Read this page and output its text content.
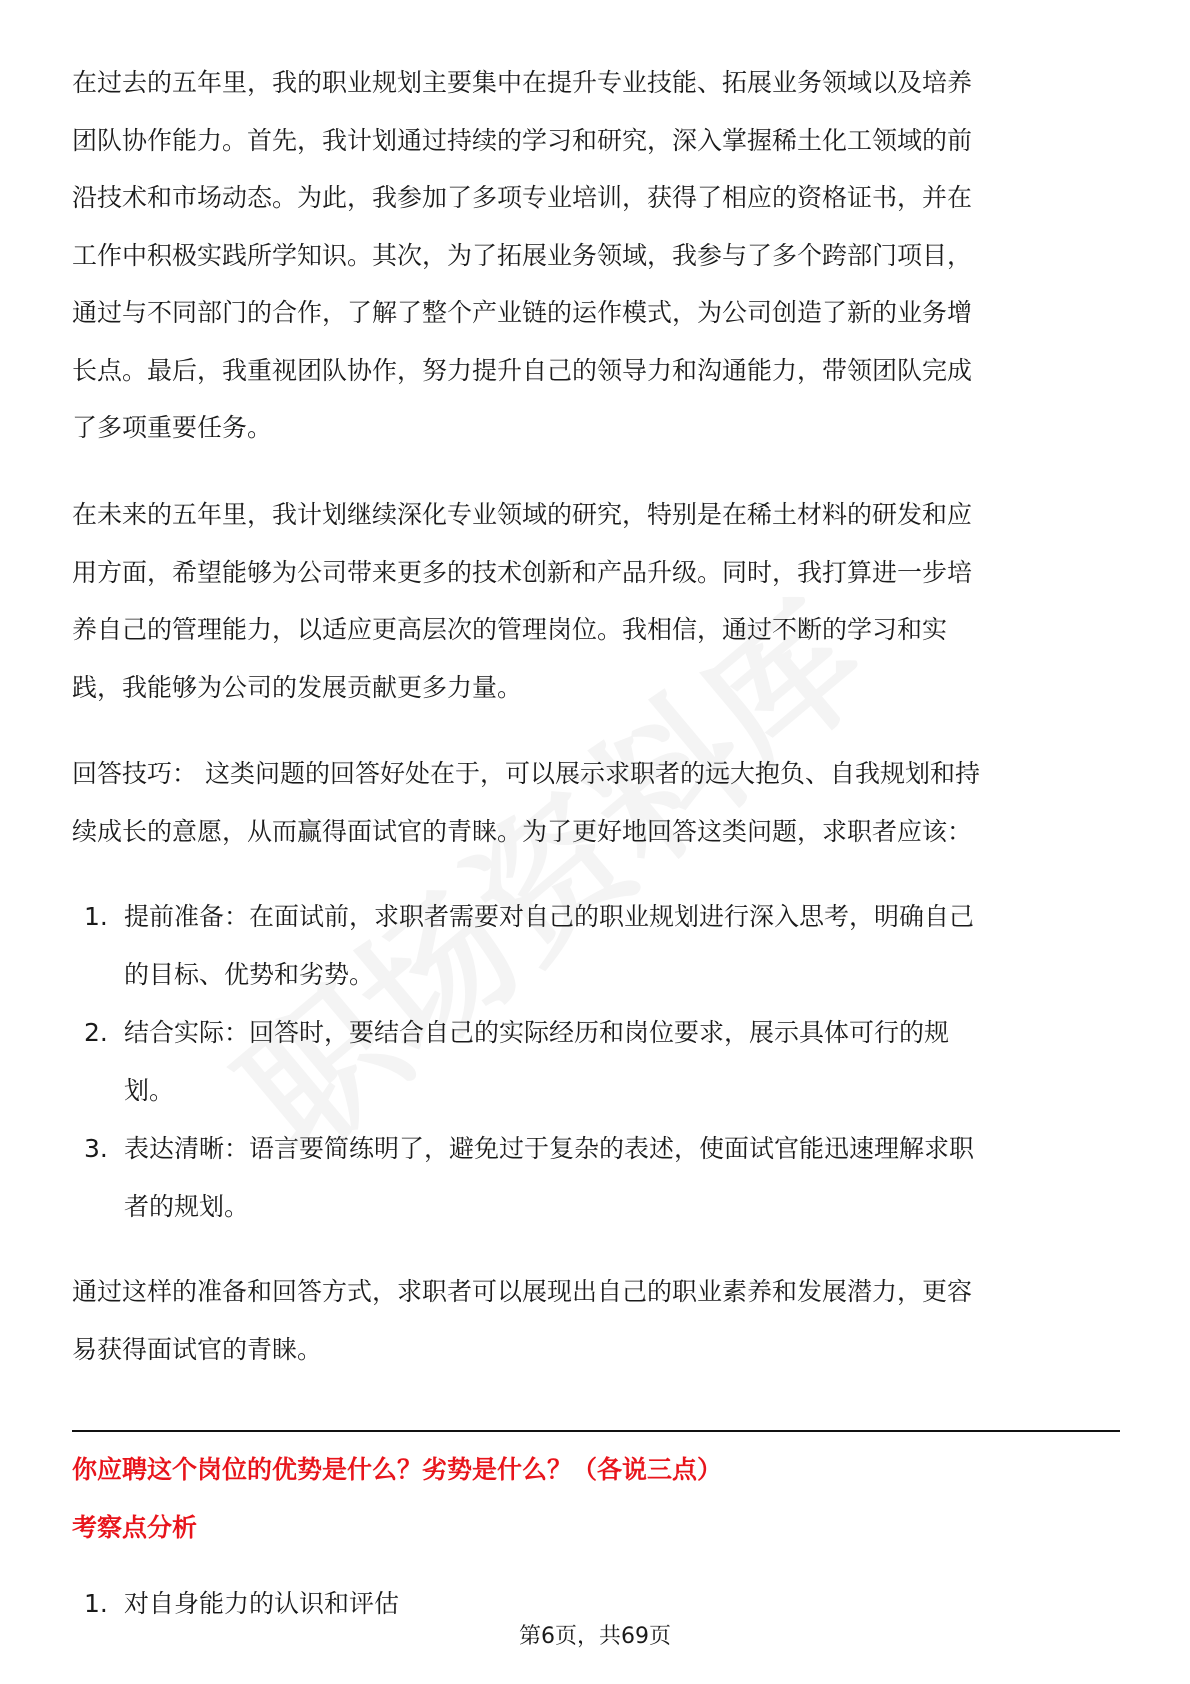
在过去的五年里，我的职业规划主要集中在提升专业技能、拓展业务领域以及培养
团队协作能力。首先，我计划通过持续的学习和研究，深入掌握稀土化工领域的前
沿技术和市场动态。为此，我参加了多项专业培训，获得了相应的资格证书，并在
工作中积极实践所学知识。其次，为了拓展业务领域，我参与了多个跨部门项目，
通过与不同部门的合作，了解了整个产业链的运作模式，为公司创造了新的业务增
长点。最后，我重视团队协作，努力提升自己的领导力和沟通能力，带领团队完成
了多项重要任务。
在未来的五年里，我计划继续深化专业领域的研究，特别是在稀土材料的研发和应
用方面，希望能够为公司带来更多的技术创新和产品升级。同时，我打算进一步培
养自己的管理能力，以适应更高层次的管理岗位。我相信，通过不断的学习和实
践，我能够为公司的发展贡献更多力量。
回答技巧： 这类问题的回答好处在于，可以展示求职者的远大抱负、自我规划和持
续成长的意愿，从而赢得面试官的青睐。为了更好地回答这类问题，求职者应该：
1. 提前准备：在面试前，求职者需要对自己的职业规划进行深入思考，明确自己
的目标、优势和劣势。
2. 结合实际：回答时，要结合自己的实际经历和岗位要求，展示具体可行的规
划。
3. 表达清晰：语言要简练明了，避免过于复杂的表述，使面试官能迅速理解求职
者的规划。
通过这样的准备和回答方式，求职者可以展现出自己的职业素养和发展潜力，更容
易获得面试官的青睐。
你应聘这个岗位的优势是什么？劣势是什么？（各说三点）
考察点分析
1. 对自身能力的认识和评估
第6页，共69页
